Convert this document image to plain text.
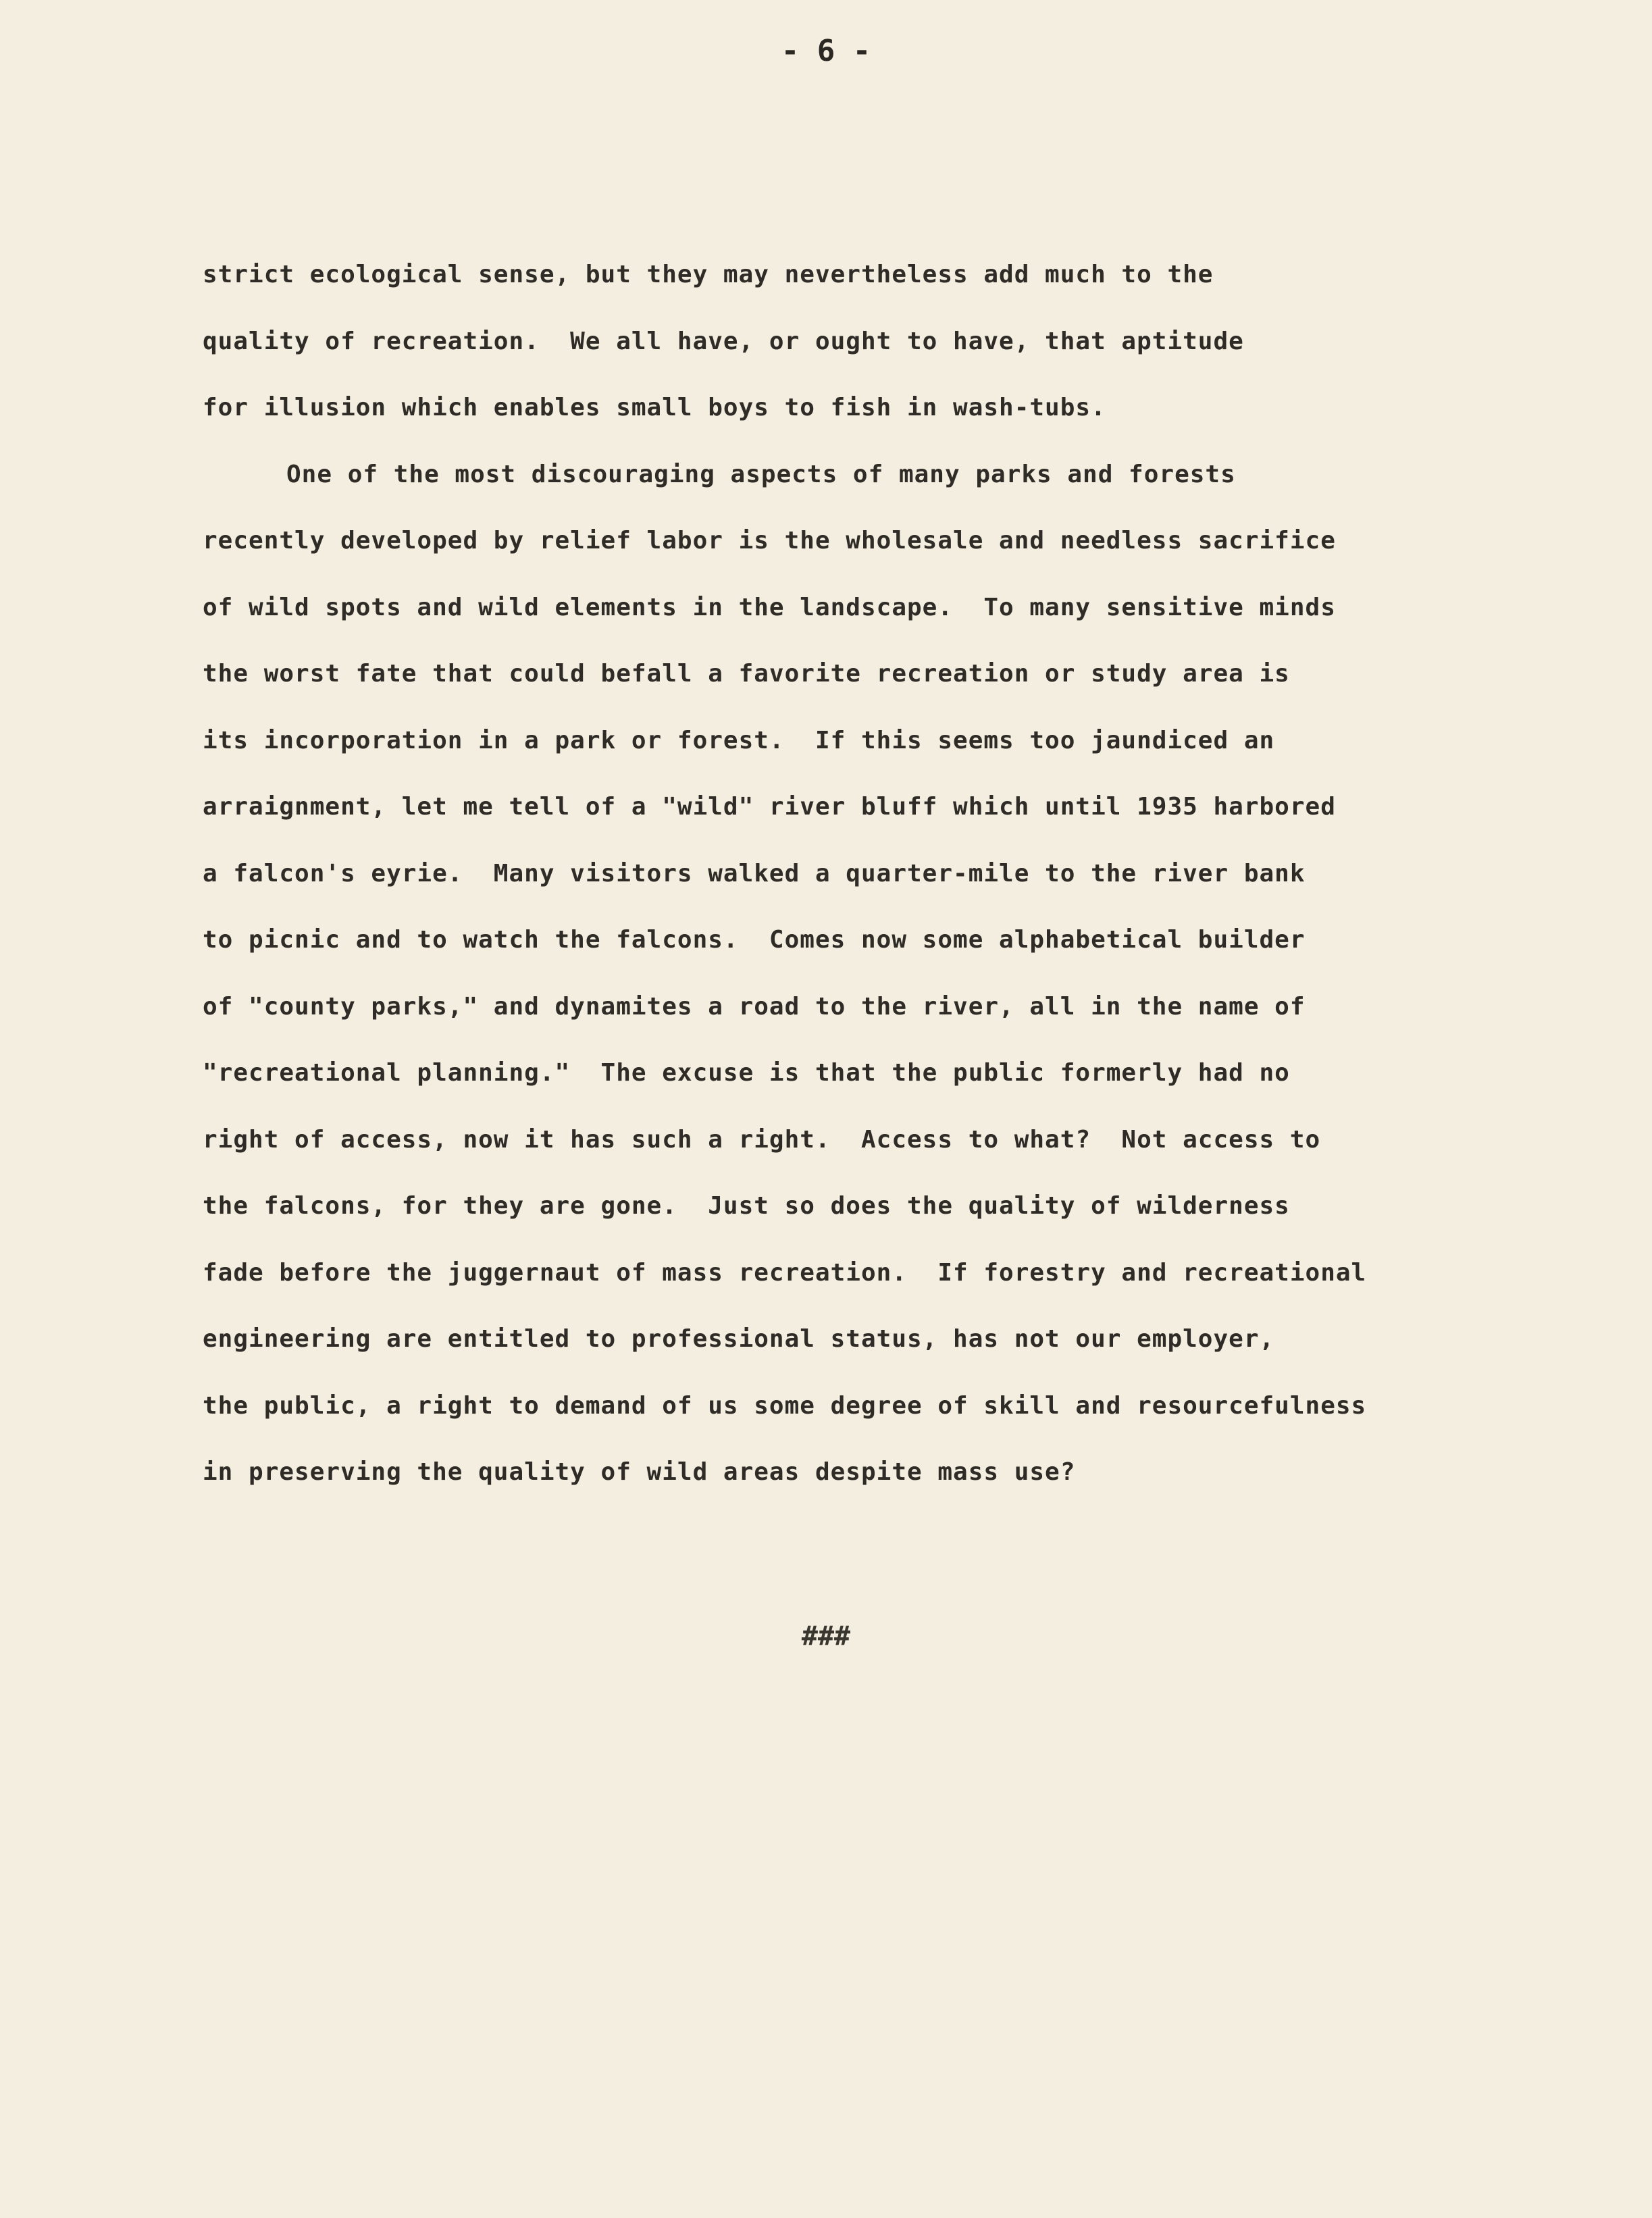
- 6 -
strict ecological sense, but they may nevertheless add much to the
quality of recreation.  We all have, or ought to have, that aptitude
for illusion which enables small boys to fish in wash-tubs.
One of the most discouraging aspects of many parks and forests
recently developed by relief labor is the wholesale and needless sacrifice
of wild spots and wild elements in the landscape.  To many sensitive minds
the worst fate that could befall a favorite recreation or study area is
its incorporation in a park or forest.  If this seems too jaundiced an
arraignment, let me tell of a "wild" river bluff which until 1935 harbored
a falcon's eyrie.  Many visitors walked a quarter-mile to the river bank
to picnic and to watch the falcons.  Comes now some alphabetical builder
of "county parks," and dynamites a road to the river, all in the name of
"recreational planning."  The excuse is that the public formerly had no
right of access, now it has such a right.  Access to what?  Not access to
the falcons, for they are gone.  Just so does the quality of wilderness
fade before the juggernaut of mass recreation.  If forestry and recreational
engineering are entitled to professional status, has not our employer,
the public, a right to demand of us some degree of skill and resourcefulness
in preserving the quality of wild areas despite mass use?
###
